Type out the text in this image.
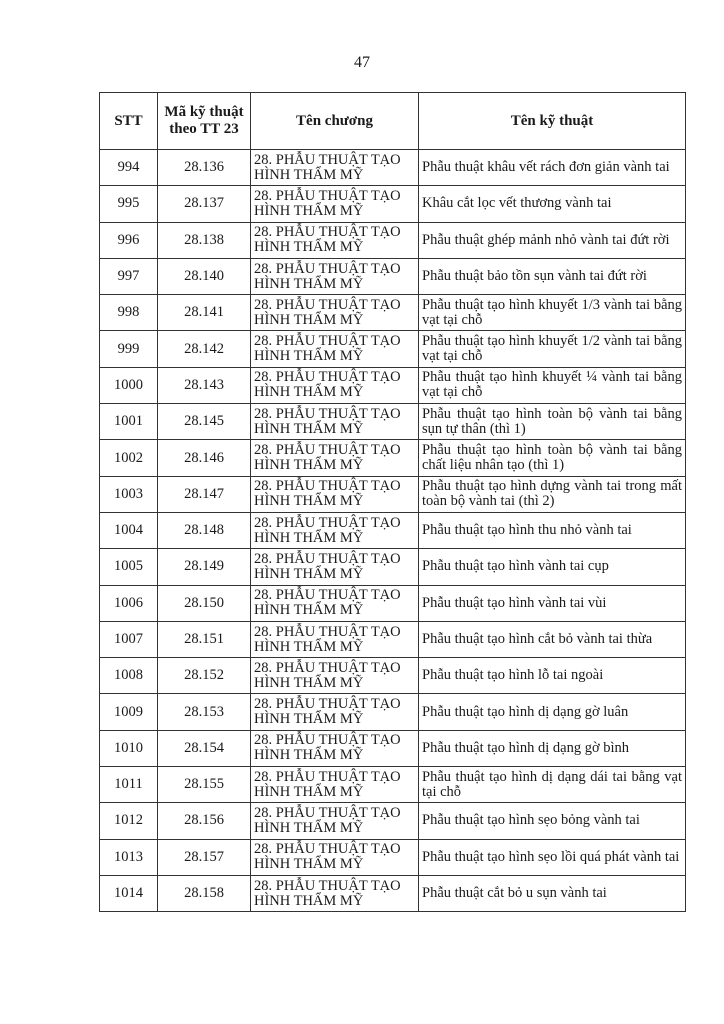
47
STT	Mã kỹ thuật theo TT 23	Tên chương	Tên kỹ thuật
994	28.136	28. PHẪU THUẬT TẠO HÌNH THẨM MỸ	Phẫu thuật khâu vết rách đơn giản vành tai
995	28.137	28. PHẪU THUẬT TẠO HÌNH THẨM MỸ	Khâu cắt lọc vết thương vành tai
996	28.138	28. PHẪU THUẬT TẠO HÌNH THẨM MỸ	Phẫu thuật ghép mảnh nhỏ vành tai đứt rời
997	28.140	28. PHẪU THUẬT TẠO HÌNH THẨM MỸ	Phẫu thuật bảo tồn sụn vành tai đứt rời
998	28.141	28. PHẪU THUẬT TẠO HÌNH THẨM MỸ	Phẫu thuật tạo hình khuyết 1/3 vành tai bằng vạt tại chỗ
999	28.142	28. PHẪU THUẬT TẠO HÌNH THẨM MỸ	Phẫu thuật tạo hình khuyết 1/2 vành tai bằng vạt tại chỗ
1000	28.143	28. PHẪU THUẬT TẠO HÌNH THẨM MỸ	Phẫu thuật tạo hình khuyết ¼ vành tai bằng vạt tại chỗ
1001	28.145	28. PHẪU THUẬT TẠO HÌNH THẨM MỸ	Phẫu thuật tạo hình toàn bộ vành tai bằng sụn tự thân (thì 1)
1002	28.146	28. PHẪU THUẬT TẠO HÌNH THẨM MỸ	Phẫu thuật tạo hình toàn bộ vành tai bằng chất liệu nhân tạo (thì 1)
1003	28.147	28. PHẪU THUẬT TẠO HÌNH THẨM MỸ	Phẫu thuật tạo hình dựng vành tai trong mất toàn bộ vành tai (thì 2)
1004	28.148	28. PHẪU THUẬT TẠO HÌNH THẨM MỸ	Phẫu thuật tạo hình thu nhỏ vành tai
1005	28.149	28. PHẪU THUẬT TẠO HÌNH THẨM MỸ	Phẫu thuật tạo hình vành tai cụp
1006	28.150	28. PHẪU THUẬT TẠO HÌNH THẨM MỸ	Phẫu thuật tạo hình vành tai vùi
1007	28.151	28. PHẪU THUẬT TẠO HÌNH THẨM MỸ	Phẫu thuật tạo hình cắt bỏ vành tai thừa
1008	28.152	28. PHẪU THUẬT TẠO HÌNH THẨM MỸ	Phẫu thuật tạo hình lỗ tai ngoài
1009	28.153	28. PHẪU THUẬT TẠO HÌNH THẨM MỸ	Phẫu thuật tạo hình dị dạng gờ luân
1010	28.154	28. PHẪU THUẬT TẠO HÌNH THẨM MỸ	Phẫu thuật tạo hình dị dạng gờ bình
1011	28.155	28. PHẪU THUẬT TẠO HÌNH THẨM MỸ	Phẫu thuật tạo hình dị dạng dái tai bằng vạt tại chỗ
1012	28.156	28. PHẪU THUẬT TẠO HÌNH THẨM MỸ	Phẫu thuật tạo hình sẹo bỏng vành tai
1013	28.157	28. PHẪU THUẬT TẠO HÌNH THẨM MỸ	Phẫu thuật tạo hình sẹo lồi quá phát vành tai
1014	28.158	28. PHẪU THUẬT TẠO HÌNH THẨM MỸ	Phẫu thuật cắt bỏ u sụn vành tai
